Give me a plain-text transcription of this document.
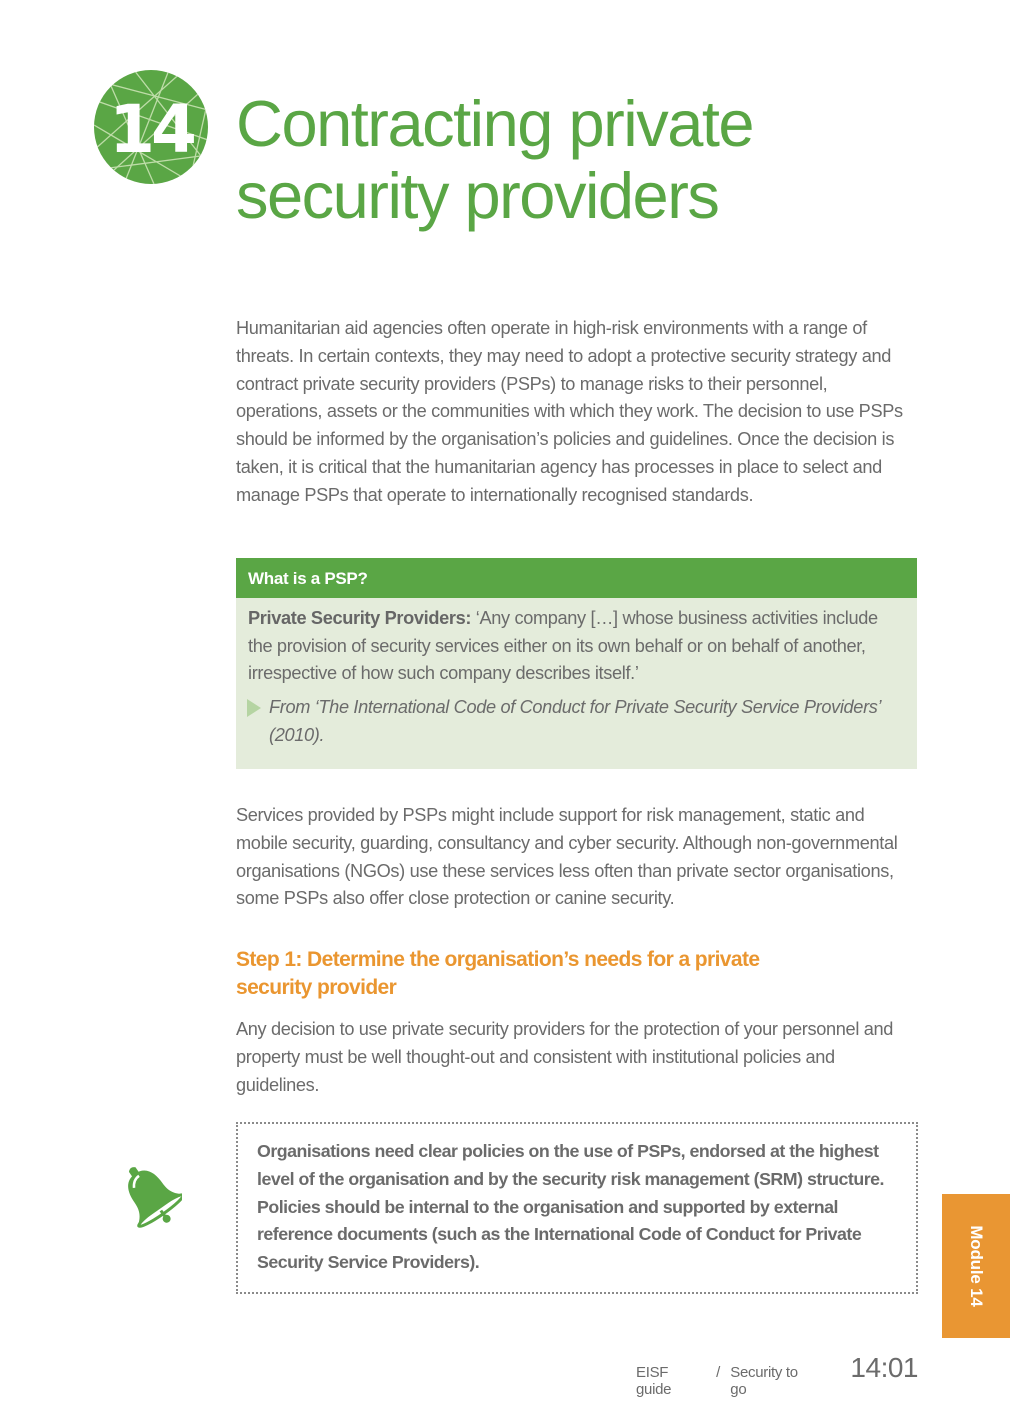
14 Contracting private
security providers

Humanitarian aid agencies often operate in high-risk environments with a range of threats. In certain contexts, they may need to adopt a protective security strategy and contract private security providers (PSPs) to manage risks to their personnel, operations, assets or the communities with which they work. The decision to use PSPs should be informed by the organisation’s policies and guidelines. Once the decision is taken, it is critical that the humanitarian agency has processes in place to select and manage PSPs that operate to internationally recognised standards.

What is a PSP?

Private Security Providers: ‘Any company […] whose business activities include the provision of security services either on its own behalf or on behalf of another, irrespective of how such company describes itself.’

From ‘The International Code of Conduct for Private Security Service Providers’ (2010).

Services provided by PSPs might include support for risk management, static and mobile security, guarding, consultancy and cyber security. Although non-governmental organisations (NGOs) use these services less often than private sector organisations, some PSPs also offer close protection or canine security.

Step 1: Determine the organisation’s needs for a private security provider

Any decision to use private security providers for the protection of your personnel and property must be well thought-out and consistent with institutional policies and guidelines.

Organisations need clear policies on the use of PSPs, endorsed at the highest level of the organisation and by the security risk management (SRM) structure. Policies should be internal to the organisation and supported by external reference documents (such as the International Code of Conduct for Private Security Service Providers).	Module 14
EISF guide
/ Security to go
14:01
